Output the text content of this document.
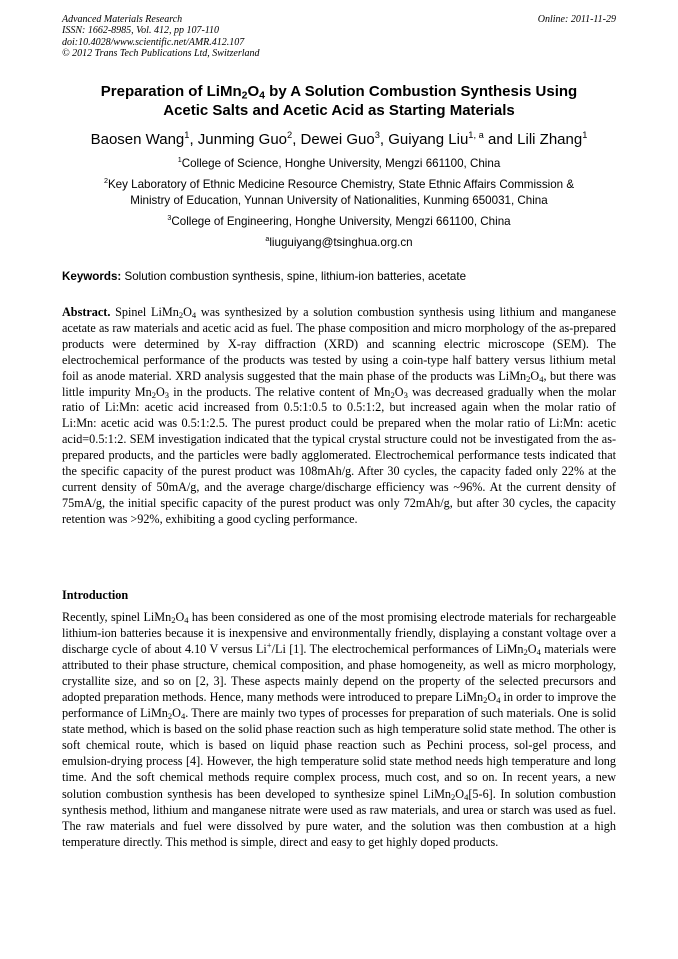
Advanced Materials Research
ISSN: 1662-8985, Vol. 412, pp 107-110
doi:10.4028/www.scientific.net/AMR.412.107
© 2012 Trans Tech Publications Ltd, Switzerland
Online: 2011-11-29
Preparation of $LiMn_2O_4$ by A Solution Combustion Synthesis Using
Acetic Salts and Acetic Acid as Starting Materials
Baosen Wang$^1$, Junming Guo$^2$, Dewei Guo$^3$, Guiyang Liu$^{1, a}$ and Lili Zhang$^1$
$^1$College of Science, Honghe University, Mengzi 661100, China
$^2$Key Laboratory of Ethnic Medicine Resource Chemistry, State Ethnic Affairs Commission &
Ministry of Education, Yunnan University of Nationalities, Kunming 650031, China
$^3$College of Engineering, Honghe University, Mengzi 661100, China
$^a$liuguiyang@tsinghua.org.cn
Keywords: Solution combustion synthesis, spine, lithium-ion batteries, acetate
Abstract. Spinel $LiMn_2O_4$ was synthesized by a solution combustion synthesis using lithium and manganese acetate as raw materials and acetic acid as fuel. The phase composition and micro morphology of the as-prepared products were determined by X-ray diffraction (XRD) and scanning electric microscope (SEM). The electrochemical performance of the products was tested by using a coin-type half battery versus lithium metal foil as anode material. XRD analysis suggested that the main phase of the products was $LiMn_2O_4$, but there was little impurity $Mn_2O_3$ in the products. The relative content of $Mn_2O_3$ was decreased gradually when the molar ratio of Li:Mn: acetic acid increased from 0.5:1:0.5 to 0.5:1:2, but increased again when the molar ratio of Li:Mn: acetic acid was 0.5:1:2.5. The purest product could be prepared when the molar ratio of Li:Mn: acetic acid=0.5:1:2. SEM investigation indicated that the typical crystal structure could not be investigated from the as-prepared products, and the particles were badly agglomerated. Electrochemical performance tests indicated that the specific capacity of the purest product was 108mAh/g. After 30 cycles, the capacity faded only 22% at the current density of 50mA/g, and the average charge/discharge efficiency was ~96%. At the current density of 75mA/g, the initial specific capacity of the purest product was only 72mAh/g, but after 30 cycles, the capacity retention was >92%, exhibiting a good cycling performance.
Introduction
Recently, spinel $LiMn_2O_4$ has been considered as one of the most promising electrode materials for rechargeable lithium-ion batteries because it is inexpensive and environmentally friendly, displaying a constant voltage over a discharge cycle of about 4.10 V versus Li+/Li [1]. The electrochemical performances of $LiMn_2O_4$ materials were attributed to their phase structure, chemical composition, and phase homogeneity, as well as micro morphology, crystallite size, and so on [2, 3]. These aspects mainly depend on the property of the selected precursors and adopted preparation methods. Hence, many methods were introduced to prepare $LiMn_2O_4$ in order to improve the performance of $LiMn_2O_4$. There are mainly two types of processes for preparation of such materials. One is solid state method, which is based on the solid phase reaction such as high temperature solid state method. The other is soft chemical route, which is based on liquid phase reaction such as Pechini process, sol-gel process, and emulsion-drying process [4]. However, the high temperature solid state method needs high temperature and long time. And the soft chemical methods require complex process, much cost, and so on. In recent years, a new solution combustion synthesis has been developed to synthesize spinel $LiMn_2O_4[5-6]$. In solution combustion synthesis method, lithium and manganese nitrate were used as raw materials, and urea or starch was used as fuel. The raw materials and fuel were dissolved by pure water, and the solution was then combustion at a high temperature directly. This method is simple, direct and easy to get highly doped products.
